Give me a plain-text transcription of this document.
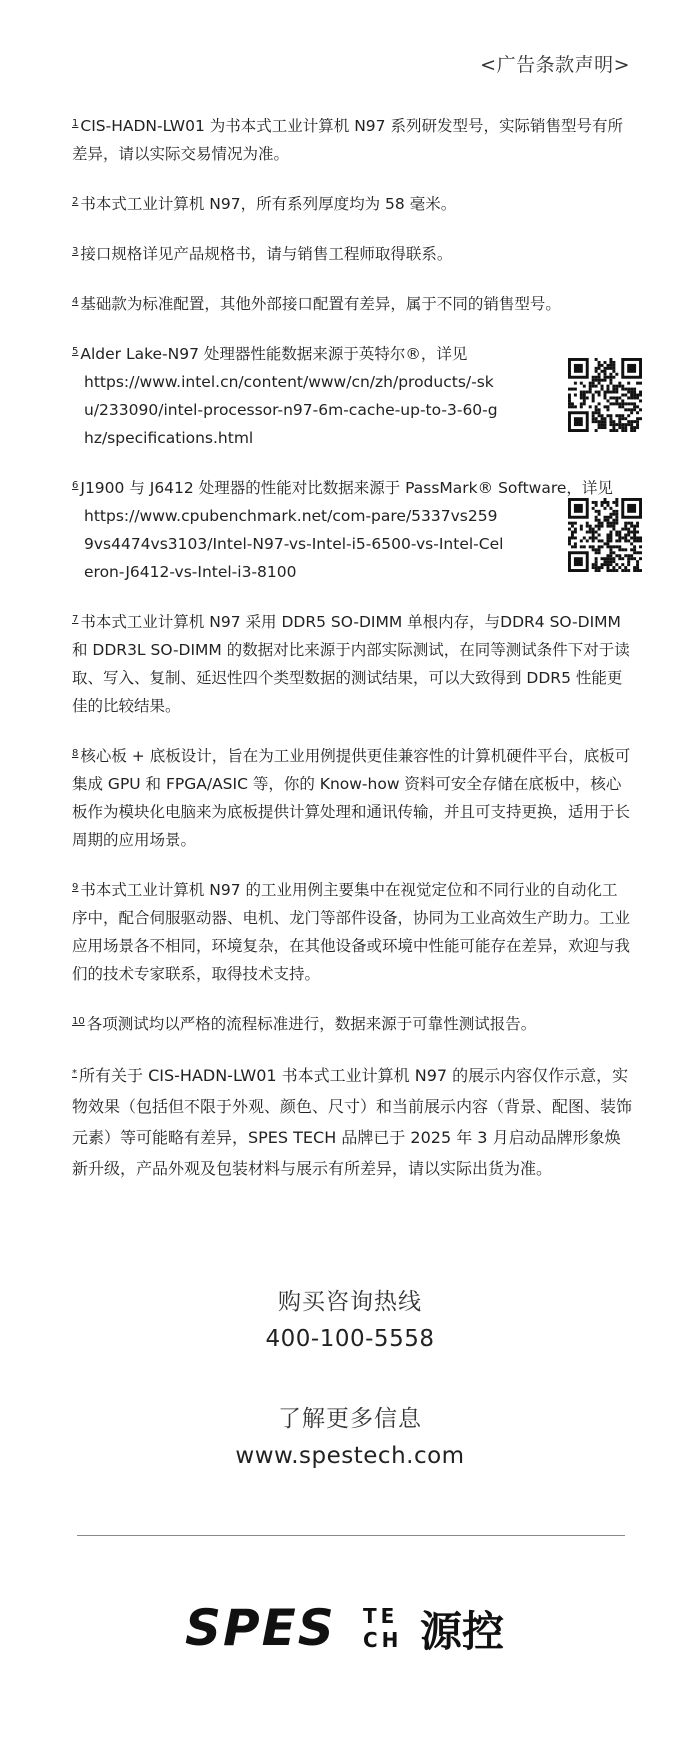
<广告条款声明>

$^1$ CIS-HADN-LW01 为书本式工业计算机 N97 系列研发型号，实际销售型号有所差异，请以实际交易情况为准。

$^2$ 书本式工业计算机 N97，所有系列厚度均为 58 毫米。

$^3$ 接口规格详见产品规格书，请与销售工程师取得联系。

$^4$ 基础款为标准配置，其他外部接口配置有差异，属于不同的销售型号。

$^5$ Alder Lake-N97 处理器性能数据来源于英特尔®，详见
https://www.intel.cn/content/www/cn/zh/products/-sku/233090/intel-processor-n97-6m-cache-up-to-3-60-ghz/specifications.html
$^6$ J1900 与 J6412 处理器的性能对比数据来源于 PassMark® Software，详见
https://www.cpubenchmark.net/com-pare/5337vs2599vs4474vs3103/Intel-N97-vs-Intel-i5-6500-vs-Intel-Celeron-J6412-vs-Intel-i3-8100

$^7$ 书本式工业计算机 N97 采用 DDR5 SO-DIMM 单根内存，与DDR4 SO-DIMM 和 DDR3L SO-DIMM 的数据对比来源于内部实际测试，在同等测试条件下对于读取、写入、复制、延迟性四个类型数据的测试结果，可以大致得到 DDR5 性能更佳的比较结果。

$^8$ 核心板 + 底板设计，旨在为工业用例提供更佳兼容性的计算机硬件平台，底板可集成 GPU 和 FPGA/ASIC 等，你的 Know-how 资料可安全存储在底板中，核心板作为模块化电脑来为底板提供计算处理和通讯传输，并且可支持更换，适用于长周期的应用场景。

$^9$ 书本式工业计算机 N97 的工业用例主要集中在视觉定位和不同行业的自动化工序中，配合伺服驱动器、电机、龙门等部件设备，协同为工业高效生产助力。工业应用场景各不相同，环境复杂，在其他设备或环境中性能可能存在差异，欢迎与我们的技术专家联系，取得技术支持。

$^{10}$ 各项测试均以严格的流程标准进行，数据来源于可靠性测试报告。

* 所有关于 CIS-HADN-LW01 书本式工业计算机 N97 的展示内容仅作示意，实物效果（包括但不限于外观、颜色、尺寸）和当前展示内容（背景、配图、装饰元素）等可能略有差异，SPES TECH 品牌已于 2025 年 3 月启动品牌形象焕新升级，产品外观及包装材料与展示有所差异，请以实际出货为准。

购买咨询热线
400-100-5558
了解更多信息
www.spestech.com
SPES TE
CH 源控
